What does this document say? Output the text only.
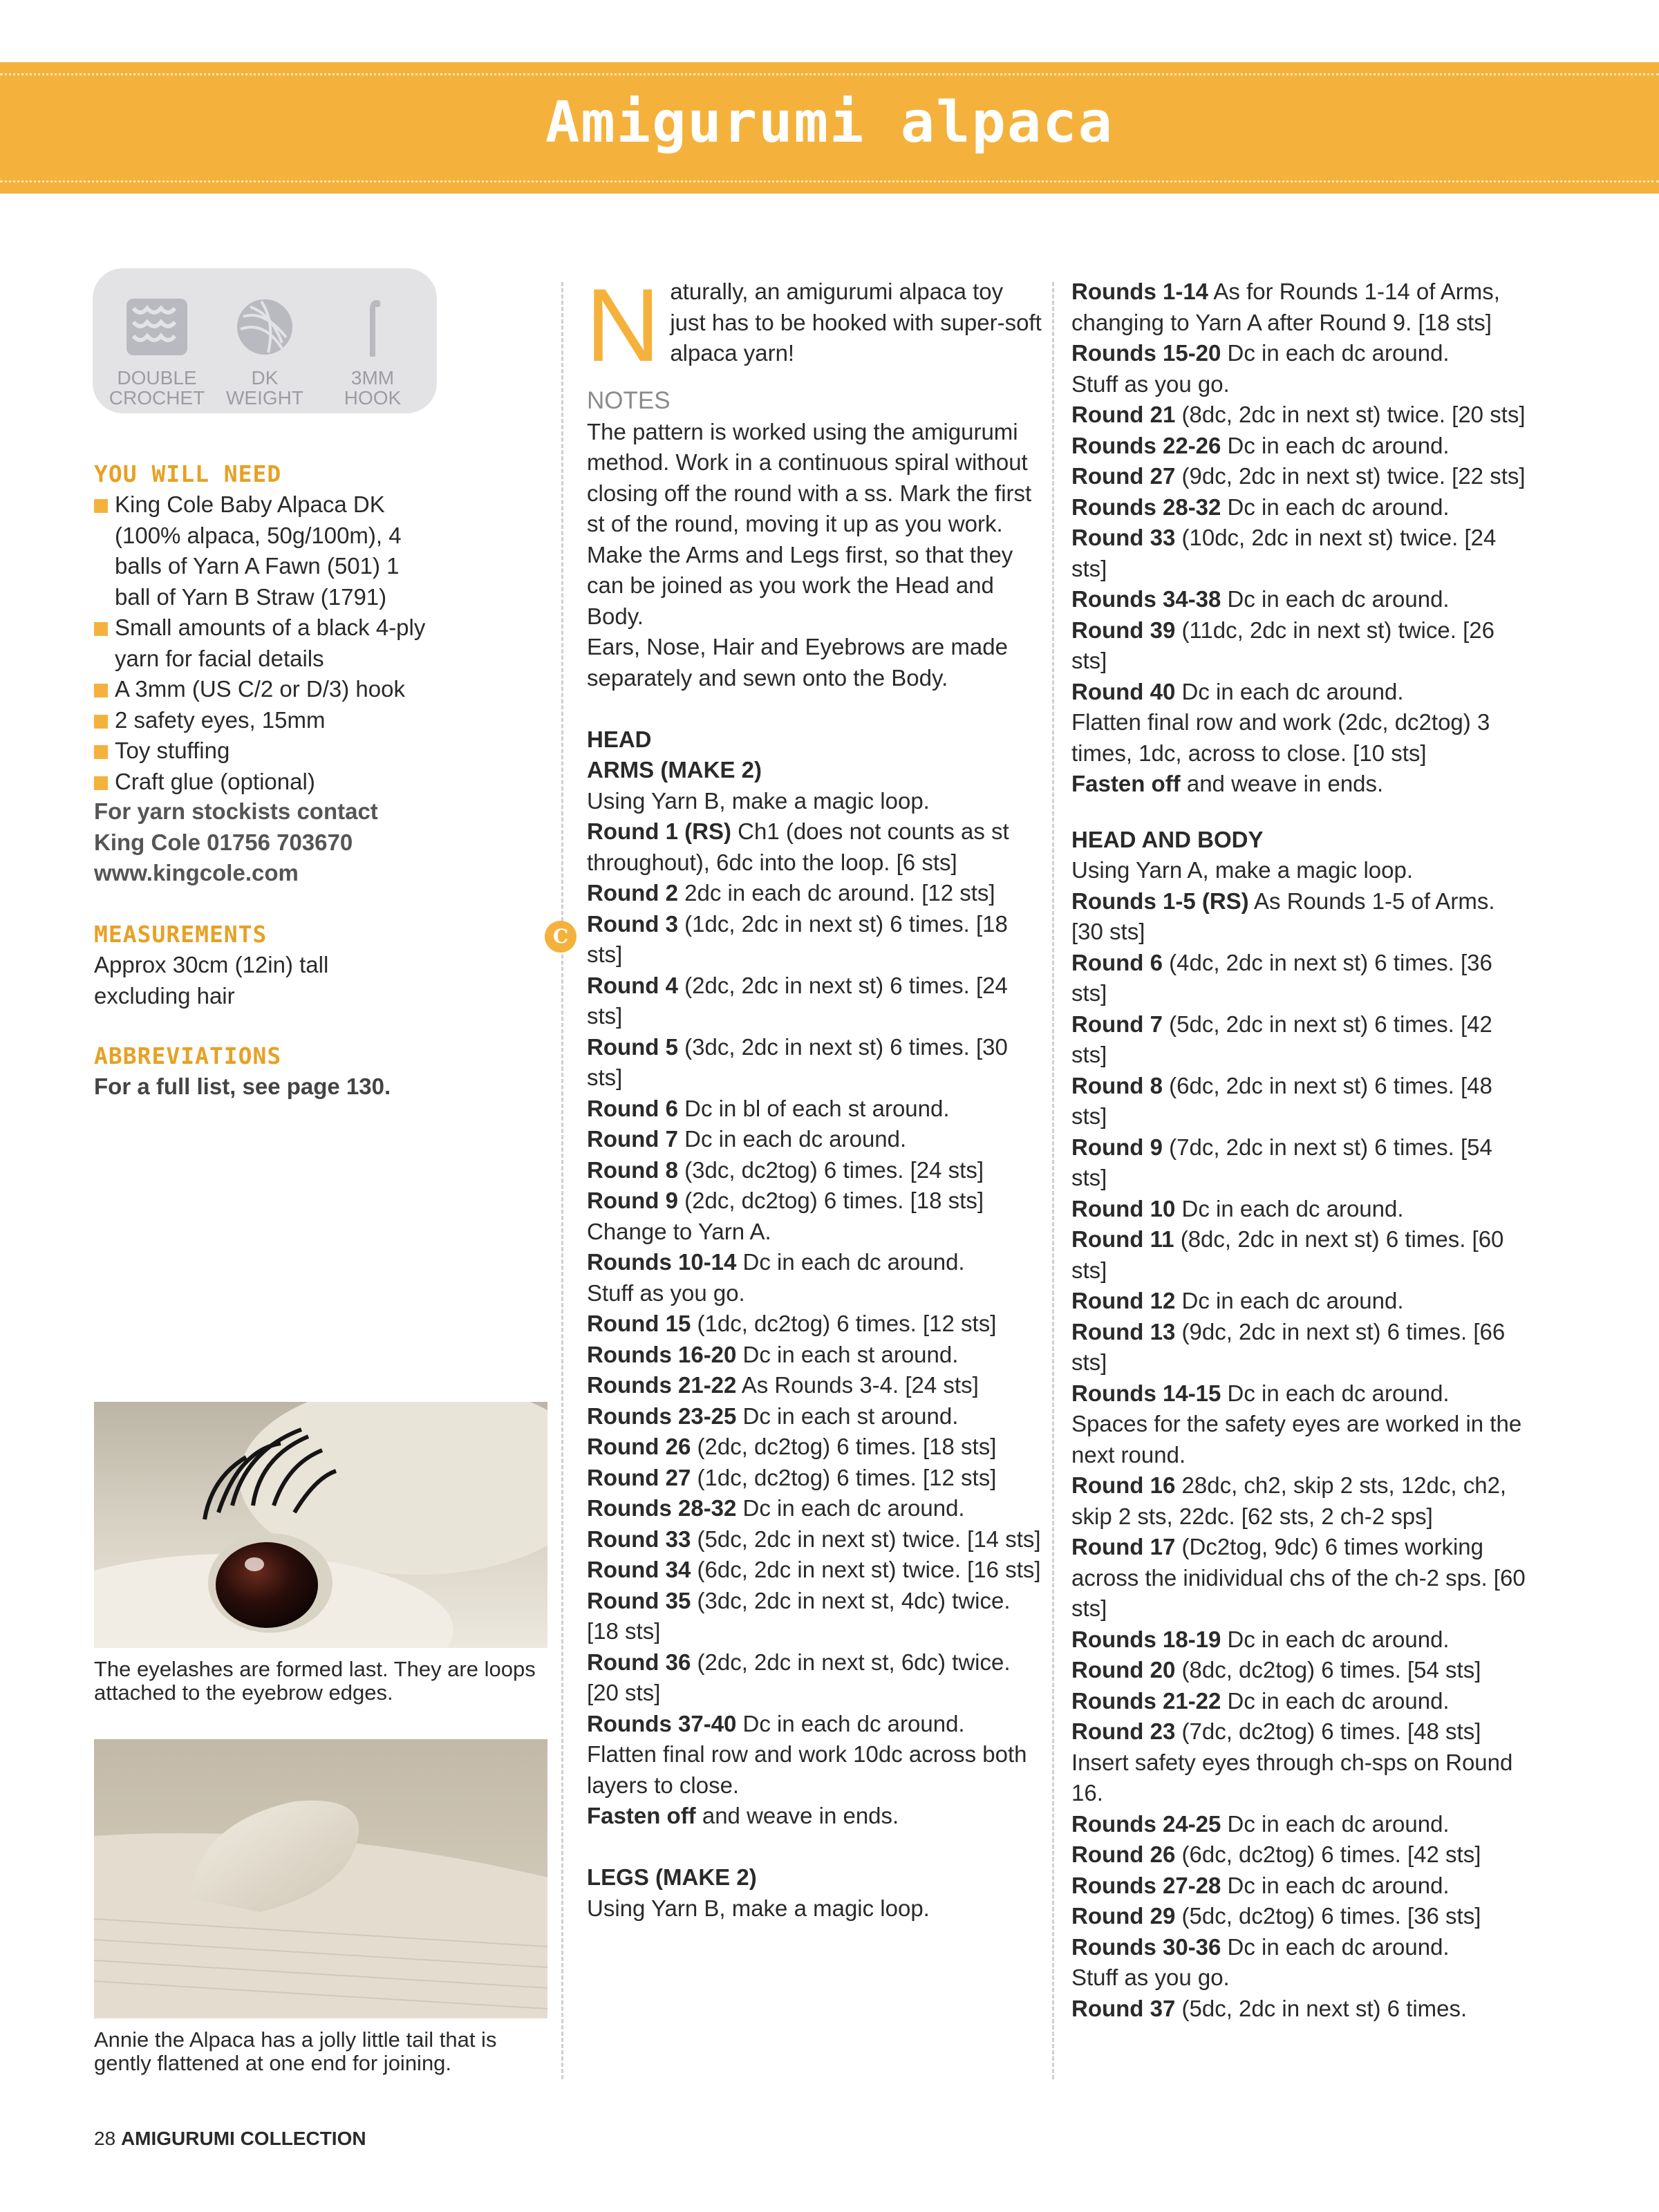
Amigurumi alpaca
DOUBLE
CROCHET
DK
WEIGHT
3MM
HOOK
YOU WILL NEED
King Cole Baby Alpaca DK (100% alpaca, 50g/100m), 4 balls of Yarn A Fawn (501) 1 ball of Yarn B Straw (1791)
Small amounts of a black 4-ply yarn for facial details
A 3mm (US C/2 or D/3) hook
2 safety eyes, 15mm
Toy stuffing
Craft glue (optional)
For yarn stockists contact King Cole 01756 703670 www.kingcole.com
MEASUREMENTS
Approx 30cm (12in) tall excluding hair
ABBREVIATIONS
For a full list, see page 130.
The eyelashes are formed last. They are loops attached to the eyebrow edges.
Annie the Alpaca has a jolly little tail that is gently flattened at one end for joining.
28 AMIGURUMI COLLECTION
C
N aturally, an amigurumi alpaca toy just has to be hooked with super-soft alpaca yarn!

NOTES

The pattern is worked using the amigurumi method. Work in a continuous spiral without closing off the round with a ss. Mark the first st of the round, moving it up as you work.

Make the Arms and Legs first, so that they can be joined as you work the Head and Body.

Ears, Nose, Hair and Eyebrows are made separately and sewn onto the Body.

HEAD

ARMS (MAKE 2)

Using Yarn B, make a magic loop.

Round 1 (RS) Ch1 (does not counts as st throughout), 6dc into the loop. [6 sts]

Round 2 2dc in each dc around. [12 sts]

Round 3 (1dc, 2dc in next st) 6 times. [18 sts]

Round 4 (2dc, 2dc in next st) 6 times. [24 sts]

Round 5 (3dc, 2dc in next st) 6 times. [30 sts]

Round 6 Dc in bl of each st around.

Round 7 Dc in each dc around.

Round 8 (3dc, dc2tog) 6 times. [24 sts]

Round 9 (2dc, dc2tog) 6 times. [18 sts]

Change to Yarn A.

Rounds 10-14 Dc in each dc around.

Stuff as you go.

Round 15 (1dc, dc2tog) 6 times. [12 sts]

Rounds 16-20 Dc in each st around.

Rounds 21-22 As Rounds 3-4. [24 sts]

Rounds 23-25 Dc in each st around.

Round 26 (2dc, dc2tog) 6 times. [18 sts]

Round 27 (1dc, dc2tog) 6 times. [12 sts]

Rounds 28-32 Dc in each dc around.

Round 33 (5dc, 2dc in next st) twice. [14 sts]

Round 34 (6dc, 2dc in next st) twice. [16 sts]

Round 35 (3dc, 2dc in next st, 4dc) twice. [18 sts]

Round 36 (2dc, 2dc in next st, 6dc) twice. [20 sts]

Rounds 37-40 Dc in each dc around.

Flatten final row and work 10dc across both layers to close.

Fasten off and weave in ends.

LEGS (MAKE 2)

Using Yarn B, make a magic loop.

Rounds 1-14 As for Rounds 1-14 of Arms, changing to Yarn A after Round 9. [18 sts]

Rounds 15-20 Dc in each dc around.

Stuff as you go.

Round 21 (8dc, 2dc in next st) twice. [20 sts]

Rounds 22-26 Dc in each dc around.

Round 27 (9dc, 2dc in next st) twice. [22 sts]

Rounds 28-32 Dc in each dc around.

Round 33 (10dc, 2dc in next st) twice. [24 sts]

Rounds 34-38 Dc in each dc around.

Round 39 (11dc, 2dc in next st) twice. [26 sts]

Round 40 Dc in each dc around.

Flatten final row and work (2dc, dc2tog) 3 times, 1dc, across to close. [10 sts]

Fasten off and weave in ends.

HEAD AND BODY

Using Yarn A, make a magic loop.

Rounds 1-5 (RS) As Rounds 1-5 of Arms. [30 sts]

Round 6 (4dc, 2dc in next st) 6 times. [36 sts]

Round 7 (5dc, 2dc in next st) 6 times. [42 sts]

Round 8 (6dc, 2dc in next st) 6 times. [48 sts]

Round 9 (7dc, 2dc in next st) 6 times. [54 sts]

Round 10 Dc in each dc around.

Round 11 (8dc, 2dc in next st) 6 times. [60 sts]

Round 12 Dc in each dc around.

Round 13 (9dc, 2dc in next st) 6 times. [66 sts]

Rounds 14-15 Dc in each dc around.

Spaces for the safety eyes are worked in the next round.

Round 16 28dc, ch2, skip 2 sts, 12dc, ch2, skip 2 sts, 22dc. [62 sts, 2 ch-2 sps]

Round 17 (Dc2tog, 9dc) 6 times working across the inidividual chs of the ch-2 sps. [60 sts]

Rounds 18-19 Dc in each dc around.

Round 20 (8dc, dc2tog) 6 times. [54 sts]

Rounds 21-22 Dc in each dc around.

Round 23 (7dc, dc2tog) 6 times. [48 sts]

Insert safety eyes through ch-sps on Round 16.

Rounds 24-25 Dc in each dc around.

Round 26 (6dc, dc2tog) 6 times. [42 sts]

Rounds 27-28 Dc in each dc around.

Round 29 (5dc, dc2tog) 6 times. [36 sts]

Rounds 30-36 Dc in each dc around.

Stuff as you go.

Round 37 (5dc, 2dc in next st) 6 times.
